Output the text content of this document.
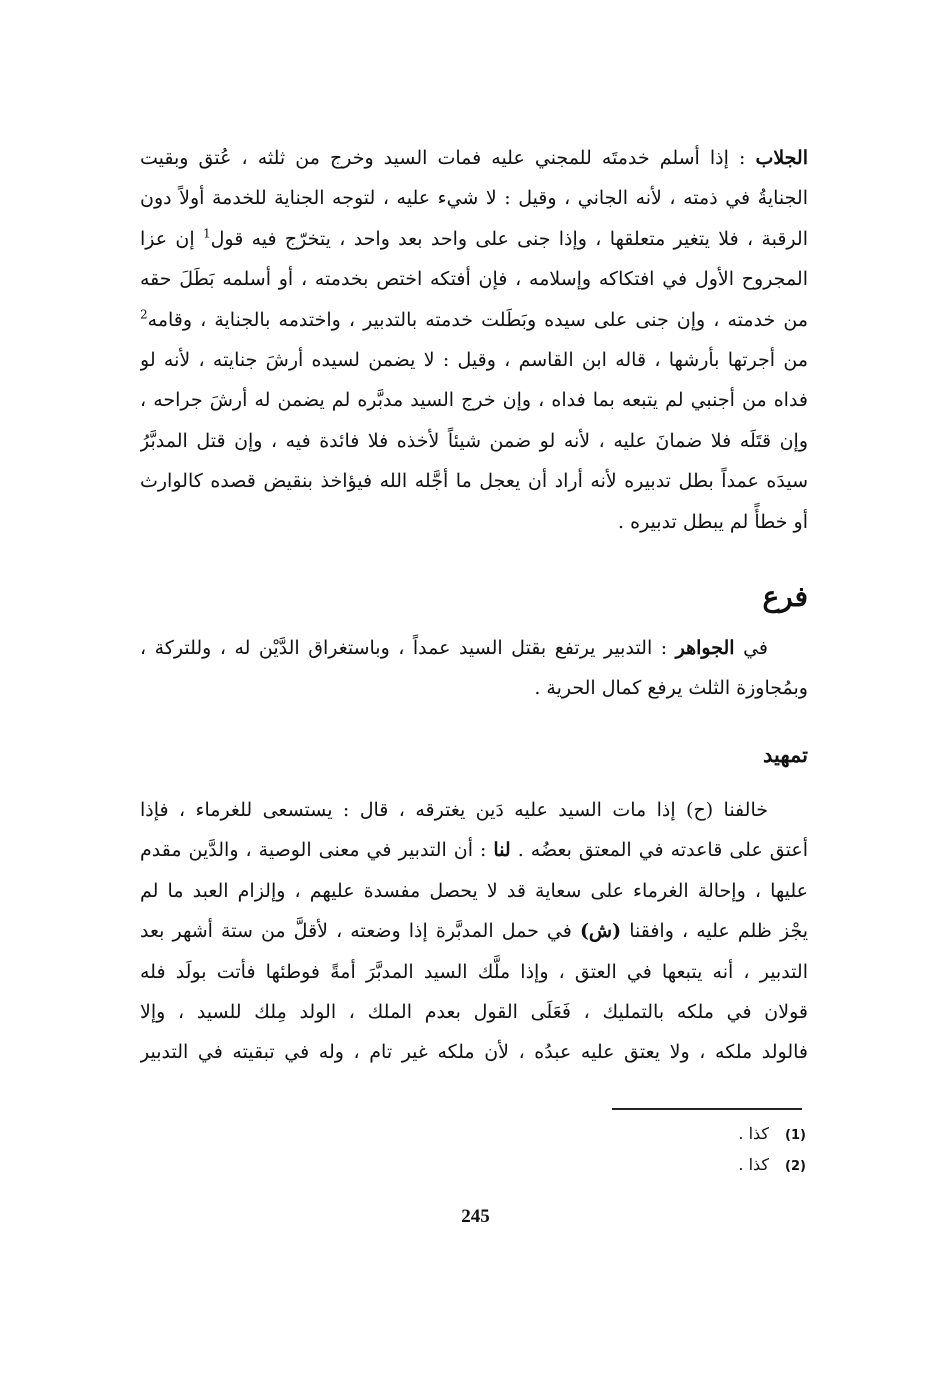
الجلاب : إذا أسلم خدمتَه للمجني عليه فمات السيد وخرج من ثلثه ، عُتق وبقيت
الجنايةُ في ذمته ، لأنه الجاني ، وقيل : لا شيء عليه ، لتوجه الجناية للخدمة أولاً دون
الرقبة ، فلا يتغير متعلقها ، وإذا جنى على واحد بعد واحد ، يتخرّج فيه قول$^1$ إن عزا
المجروح الأول في افتكاكه وإسلامه ، فإن أفتكه اختص بخدمته ، أو أسلمه بَطَلَ حقه
من خدمته ، وإن جنى على سيده وبَطَلت خدمته بالتدبير ، واختدمه بالجناية ، وقامه$^2$
من أجرتها بأرشها ، قاله ابن القاسم ، وقيل : لا يضمن لسيده أرشَ جنايته ، لأنه لو
فداه من أجنبي لم يتبعه بما فداه ، وإن خرج السيد مدبَّره لم يضمن له أرشَ جراحه ،
وإن قتَلَه فلا ضمانَ عليه ، لأنه لو ضمن شيئاً لأخذه فلا فائدة فيه ، وإن قتل المدبَّرُ
سيدَه عمداً بطل تدبيره لأنه أراد أن يعجل ما أجَّله الله فيؤاخذ بنقيض قصده كالوارث
أو خطأً لم يبطل تدبيره .
فرع
في الجواهر : التدبير يرتفع بقتل السيد عمداً ، وباستغراق الدَّيْن له ، وللتركة ،
وبمُجاوزة الثلث يرفع كمال الحرية .
تمهيد
خالفنا (ح) إذا مات السيد عليه دَين يغترقه ، قال : يستسعى للغرماء ، فإذا
أعتق على قاعدته في المعتق بعضُه . لنا : أن التدبير في معنى الوصية ، والدَّين مقدم
عليها ، وإحالة الغرماء على سعاية قد لا يحصل مفسدة عليهم ، وإلزام العبد ما لم
يجْز ظلم عليه ، وافقنا (ش) في حمل المدبَّرة إذا وضعته ، لأقلَّ من ستة أشهر بعد
التدبير ، أنه يتبعها في العتق ، وإذا ملَّك السيد المدبَّرَ أمةً فوطئها فأتت بولَد فله
قولان في ملكه بالتمليك ، فَعَلَى القول بعدم الملك ، الولد مِلك للسيد ، وإلا
فالولد ملكه ، ولا يعتق عليه عبدُه ، لأن ملكه غير تام ، وله في تبقيته في التدبير
(1)كذا .
(2)كذا .
245
